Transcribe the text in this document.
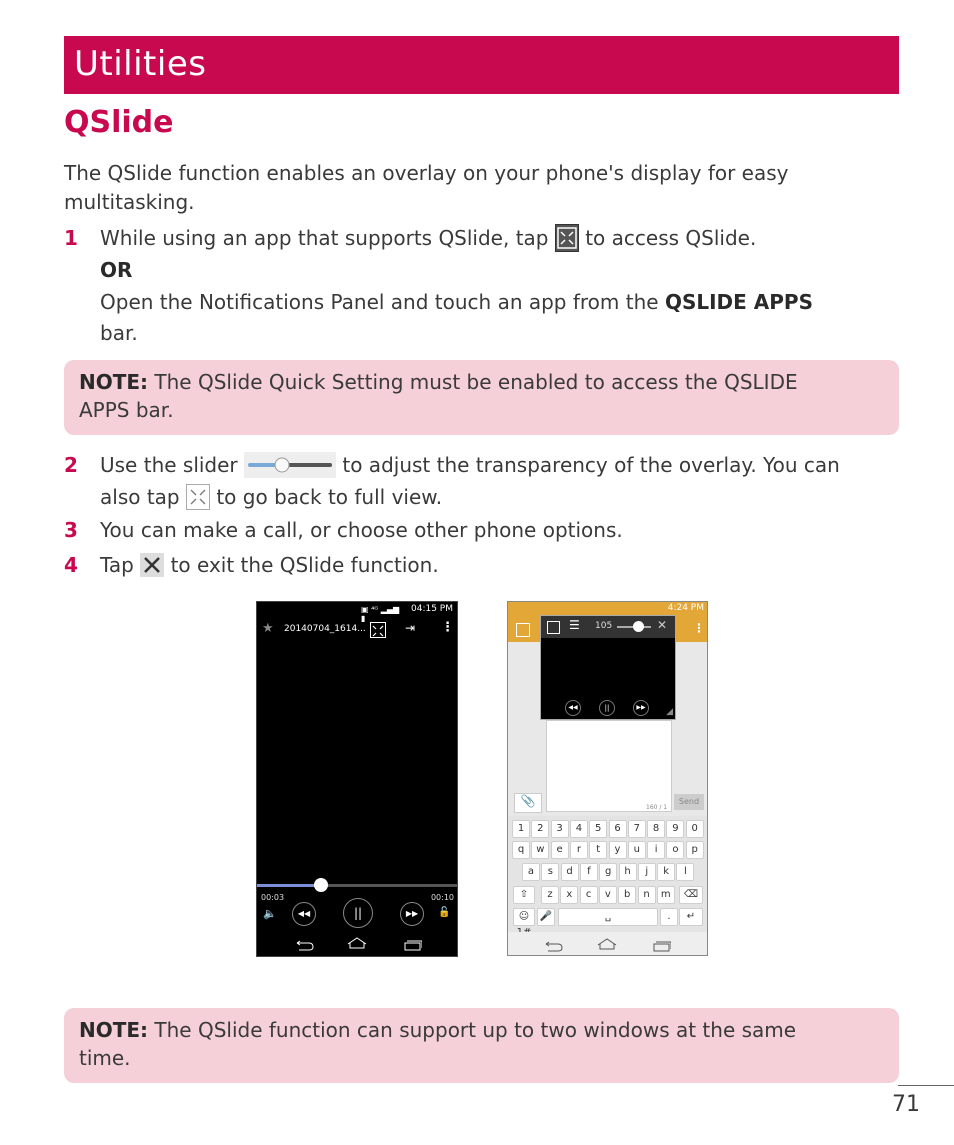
Utilities
QSlide
The QSlide function enables an overlay on your phone's display for easy
multitasking.
1 While using an app that supports QSlide, tap to access QSlide.
OR
Open the Notifications Panel and touch an app from the QSLIDE APPS
bar.
NOTE: The QSlide Quick Setting must be enabled to access the QSLIDE
APPS bar.
2 Use the slider	to adjust the transparency of the overlay. You can
also tap to go back to full view.
3 You can make a call, or choose other phone options.
4 Tap to exit the QSlide function.
04:15 PM
▣ ⁴ᴳ ▂▄▆ ▮
★ 20140704_1614...	⇥ ⋮
00:03	00:10
🔈	◀◀	||	▶▶	🔓
4:24 PM
⋮
📎	160 / 1
Send
☰ 105	✕
◀◀	||	▶▶	◢
1	2	3	4	5	6	7	8	9	0
q	w	e	r	t	y	u	i	o	p
a	s	d	f	g	h	j	k	l
z	x	c	v	b	n	m
⇧	⌫
☺	🎤	␣	.	↵
NOTE: The QSlide function can support up to two windows at the same
time.
71
